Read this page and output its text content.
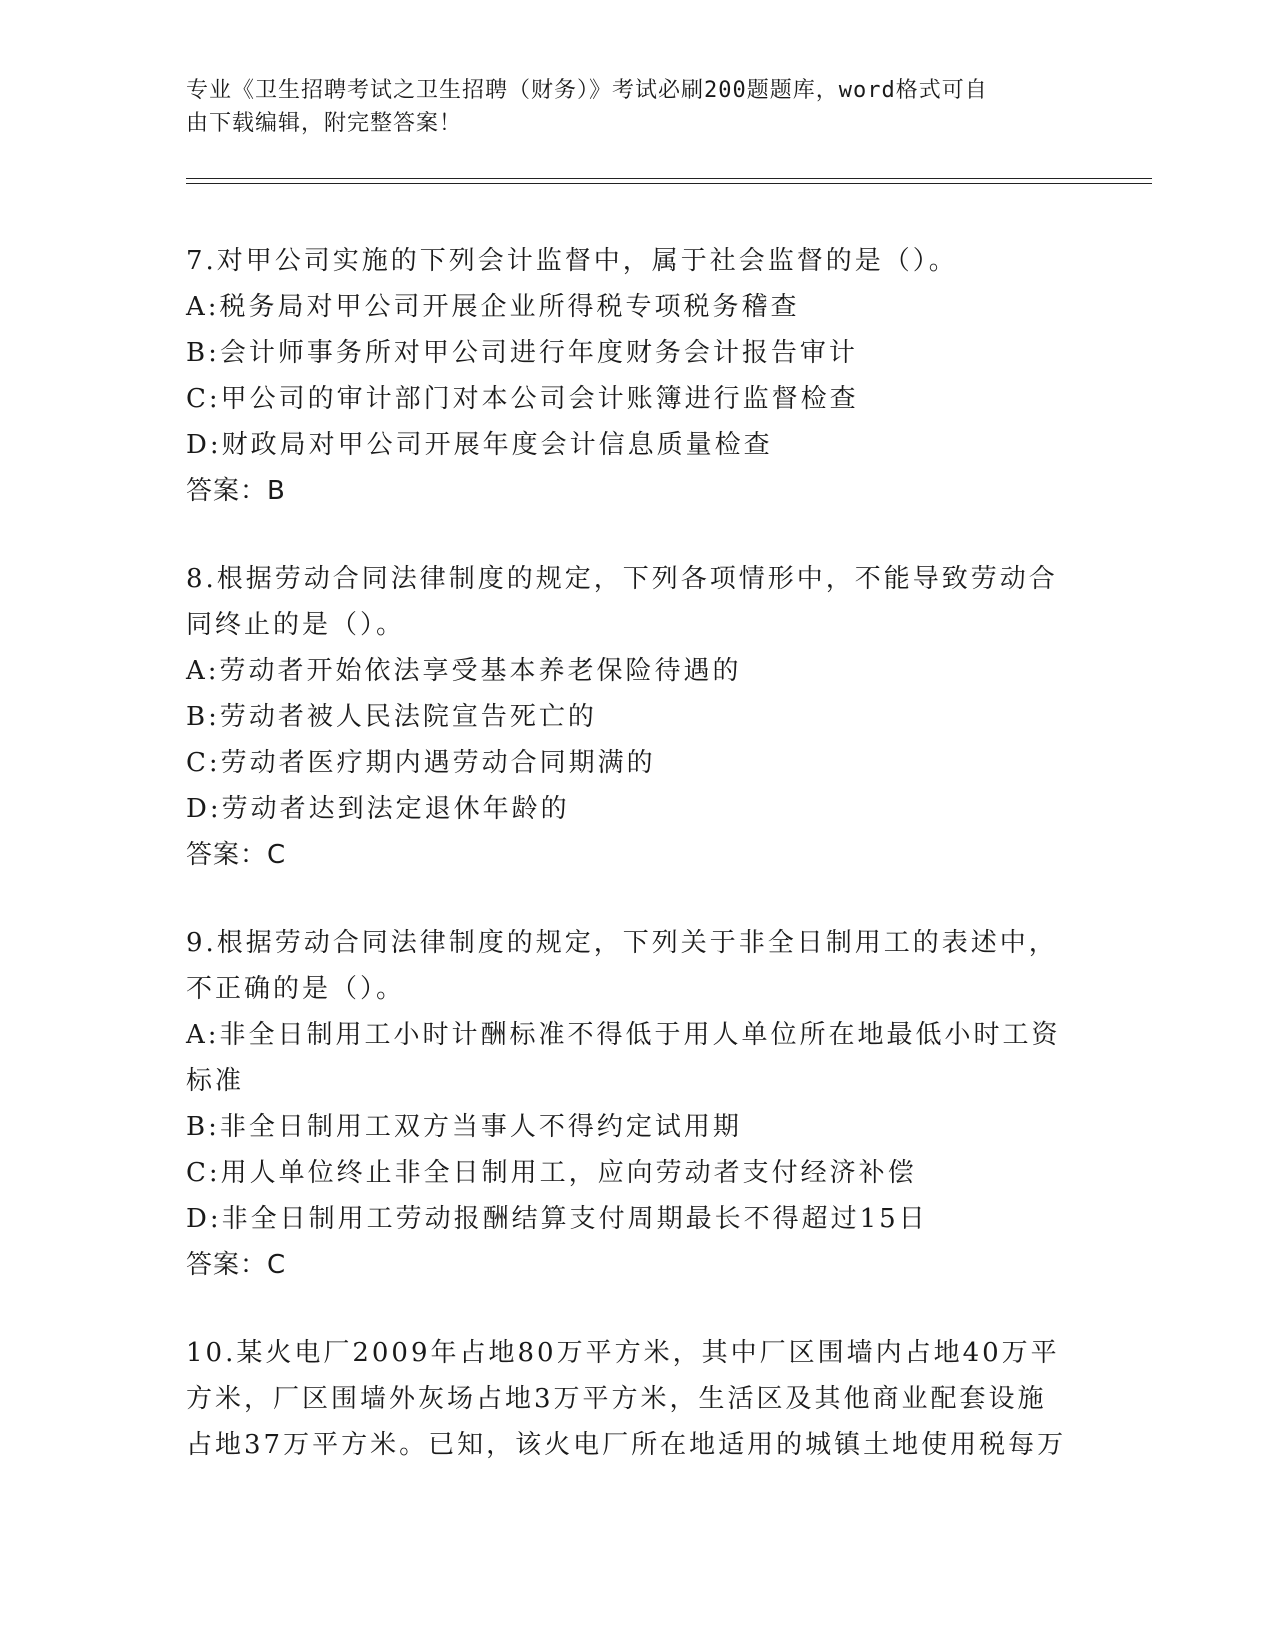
专业《卫生招聘考试之卫生招聘（财务）》考试必刷200题题库，word格式可自
由下载编辑，附完整答案！
7.对甲公司实施的下列会计监督中，属于社会监督的是（）。
A:税务局对甲公司开展企业所得税专项税务稽查
B:会计师事务所对甲公司进行年度财务会计报告审计
C:甲公司的审计部门对本公司会计账簿进行监督检查
D:财政局对甲公司开展年度会计信息质量检查
答案：B
8.根据劳动合同法律制度的规定，下列各项情形中，不能导致劳动合
同终止的是（）。
A:劳动者开始依法享受基本养老保险待遇的
B:劳动者被人民法院宣告死亡的
C:劳动者医疗期内遇劳动合同期满的
D:劳动者达到法定退休年龄的
答案：C
9.根据劳动合同法律制度的规定，下列关于非全日制用工的表述中，
不正确的是（）。
A:非全日制用工小时计酬标准不得低于用人单位所在地最低小时工资
标准
B:非全日制用工双方当事人不得约定试用期
C:用人单位终止非全日制用工，应向劳动者支付经济补偿
D:非全日制用工劳动报酬结算支付周期最长不得超过15日
答案：C
10.某火电厂2009年占地80万平方米，其中厂区围墙内占地40万平
方米，厂区围墙外灰场占地3万平方米，生活区及其他商业配套设施
占地37万平方米。已知，该火电厂所在地适用的城镇土地使用税每万
